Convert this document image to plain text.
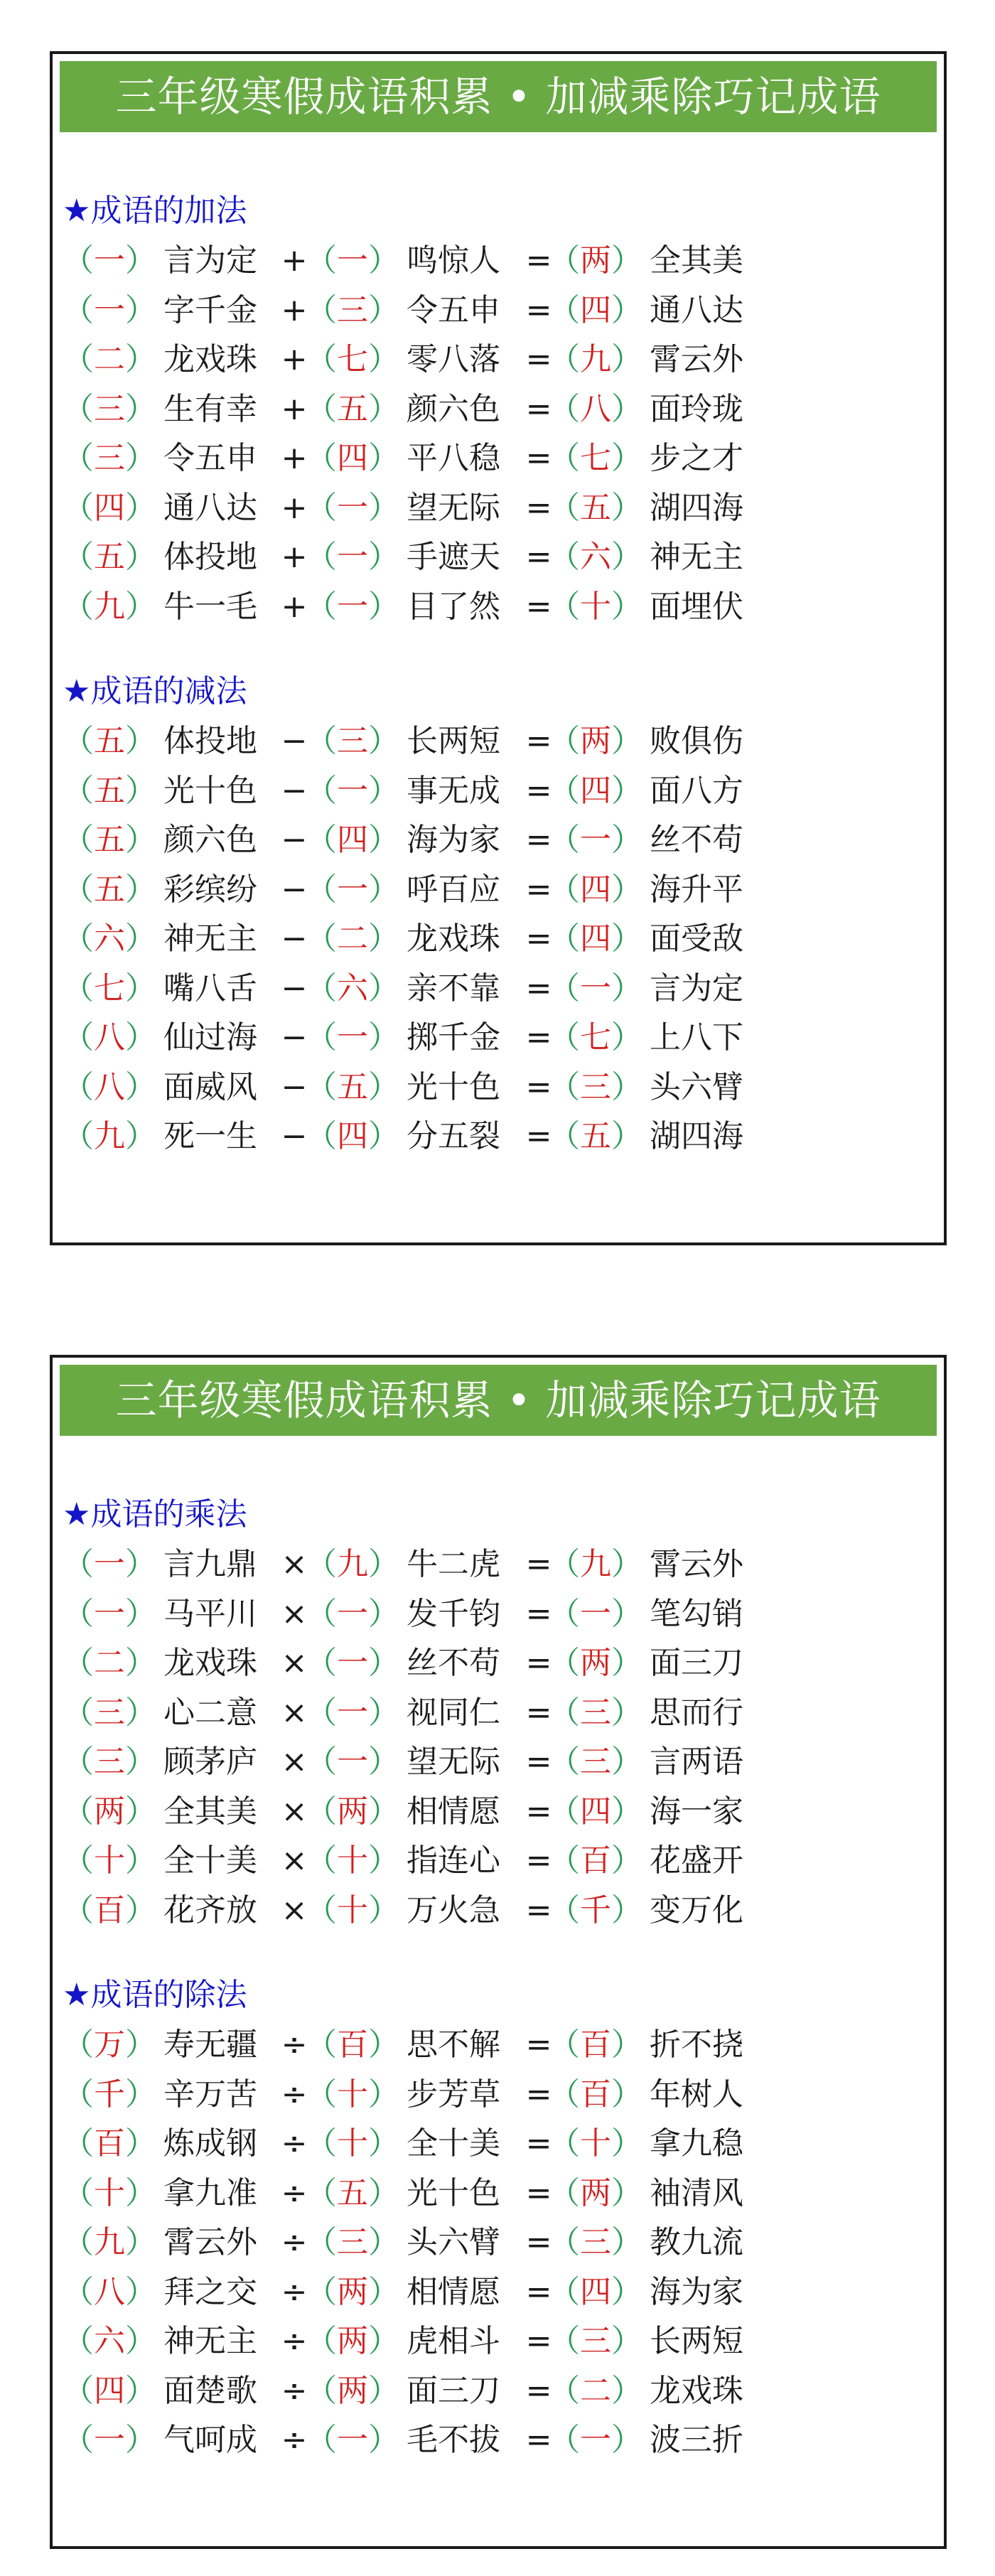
三年级寒假成语积累 • 加减乘除巧记成语
★成语的加法
（一） 言为定 +
（一） 鸣惊人 =
（两） 全其美
（一） 字千金 +
（三） 令五申 =
（四） 通八达
（二） 龙戏珠 +
（七） 零八落 =
（九） 霄云外
（三） 生有幸 +
（五） 颜六色 =
（八） 面玲珑
（三） 令五申 +
（四） 平八稳 =
（七） 步之才
（四） 通八达 +
（一） 望无际 =
（五） 湖四海
（五） 体投地 +
（一） 手遮天 =
（六） 神无主
（九） 牛一毛 +
（一） 目了然 =
（十） 面埋伏
★成语的减法
（五） 体投地 −
（三） 长两短 =
（两） 败俱伤
（五） 光十色 −
（一） 事无成 =
（四） 面八方
（五） 颜六色 −
（四） 海为家 =
（一） 丝不苟
（五） 彩缤纷 −
（一） 呼百应 =
（四） 海升平
（六） 神无主 −
（二） 龙戏珠 =
（四） 面受敌
（七） 嘴八舌 −
（六） 亲不靠 =
（一） 言为定
（八） 仙过海 −
（一） 掷千金 =
（七） 上八下
（八） 面威风 −
（五） 光十色 =
（三） 头六臂
（九） 死一生 −
（四） 分五裂 =
（五） 湖四海
三年级寒假成语积累 • 加减乘除巧记成语
★成语的乘法
（一） 言九鼎 ×
（九） 牛二虎 =
（九） 霄云外
（一） 马平川 ×
（一） 发千钧 =
（一） 笔勾销
（二） 龙戏珠 ×
（一） 丝不苟 =
（两） 面三刀
（三） 心二意 ×
（一） 视同仁 =
（三） 思而行
（三） 顾茅庐 ×
（一） 望无际 =
（三） 言两语
（两） 全其美 ×
（两） 相情愿 =
（四） 海一家
（十） 全十美 ×
（十） 指连心 =
（百） 花盛开
（百） 花齐放 ×
（十） 万火急 =
（千） 变万化
★成语的除法
（万） 寿无疆 ÷
（百） 思不解 =
（百） 折不挠
（千） 辛万苦 ÷
（十） 步芳草 =
（百） 年树人
（百） 炼成钢 ÷
（十） 全十美 =
（十） 拿九稳
（十） 拿九准 ÷
（五） 光十色 =
（两） 袖清风
（九） 霄云外 ÷
（三） 头六臂 =
（三） 教九流
（八） 拜之交 ÷
（两） 相情愿 =
（四） 海为家
（六） 神无主 ÷
（两） 虎相斗 =
（三） 长两短
（四） 面楚歌 ÷
（两） 面三刀 =
（二） 龙戏珠
（一） 气呵成 ÷
（一） 毛不拔 =
（一） 波三折
